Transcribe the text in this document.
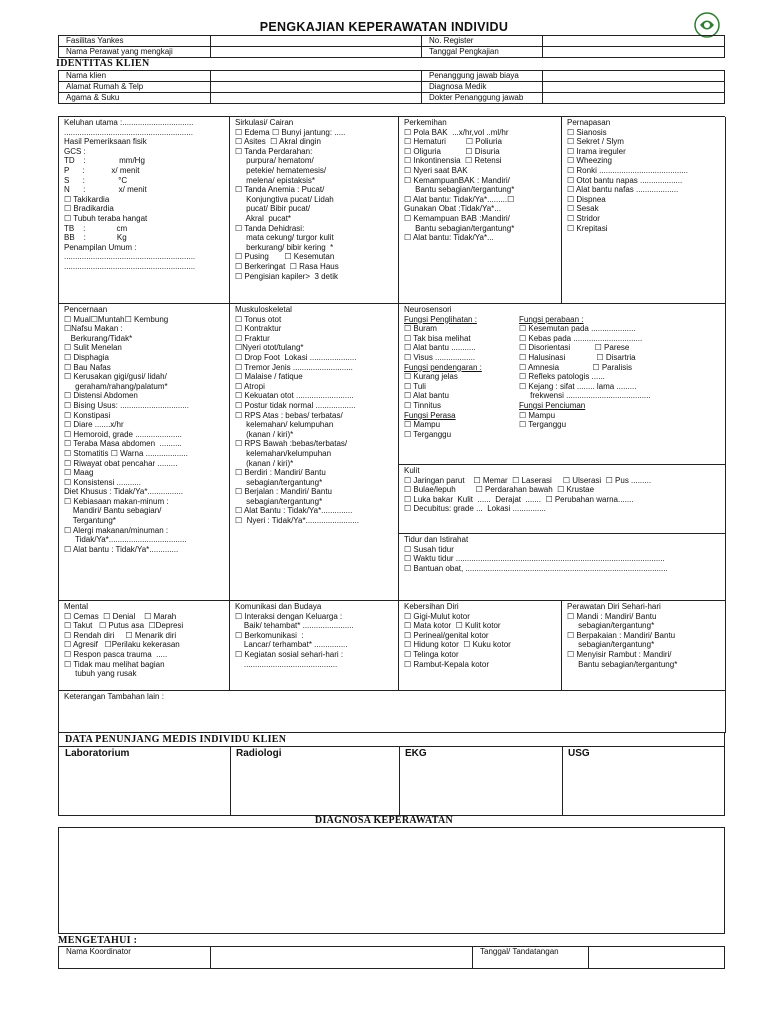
PENGKAJIAN KEPERAWATAN INDIVIDU
Fasilitas Yankes		No. Register	
Nama Perawat yang mengkaji		Tanggal Pengkajian	
IDENTITAS KLIEN
Nama klien		Penanggung jawab biaya	
Alamat Rumah & Telp		Diagnosa Medik	
Agama & Suku		Dokter Penanggung jawab	
Keluhan utama :................................
..........................................................
Hasil Pemeriksaan fisik
GCS :
TD    :               mm/Hg
P      :            x/ menit
S      :               °C
N      :               x/ menit
☐ Takikardia
☐ Bradikardia
☐ Tubuh teraba hangat
TB    :              cm
BB    :              Kg
Penampilan Umum :
...........................................................
...........................................................
Sirkulasi/ Cairan
☐ Edema ☐ Bunyi jantung: .....
☐ Asites  ☐ Akral dingin
☐ Tanda Perdarahan:
purpura/ hematom/
petekie/ hematemesis/
melena/ epistaksis*
☐ Tanda Anemia : Pucat/
Konjungtiva pucat/ Lidah
pucat/ Bibir pucat/
Akral  pucat*
☐ Tanda Dehidrasi:
mata cekung/ turgor kulit
berkurang/ bibir kering  *
☐ Pusing       ☐ Kesemutan
☐ Berkeringat  ☐ Rasa Haus
☐ Pengisian kapiler>  3 detik
Perkemihan
☐ Pola BAK  ...x/hr,vol ..ml/hr
☐ Hematuri         ☐ Poliuria
☐ Oliguria           ☐ Disuria
☐ Inkontinensia  ☐ Retensi
☐ Nyeri saat BAK
☐ KemampuanBAK : Mandiri/
Bantu sebagian/tergantung*
☐ Alat bantu: Tidak/Ya*.........☐
Gunakan Obat :Tidak/Ya*...
☐ Kemampuan BAB :Mandiri/
Bantu sebagian/tergantung*
☐ Alat bantu: Tidak/Ya*...
Pernapasan
☐ Sianosis
☐ Sekret / Slym
☐ Irama ireguler
☐ Wheezing
☐ Ronki ........................................
☐ Otot bantu napas ...................
☐ Alat bantu nafas ...................
☐ Dispnea
☐ Sesak
☐ Stridor
☐ Krepitasi
Pencernaan
☐ Mual☐Muntah☐ Kembung
☐Nafsu Makan :
Berkurang/Tidak*
☐ Sulit Menelan
☐ Disphagia
☐ Bau Nafas
☐ Kerusakan gigi/gusi/ lidah/
geraham/rahang/palatum*
☐ Distensi Abdomen
☐ Bising Usus: ...............................
☐ Konstipasi
☐ Diare .......x/hr
☐ Hemoroid, grade .....................
☐ Teraba Masa abdomen  ..........
☐ Stomatitis ☐ Warna ...................
☐ Riwayat obat pencahar .........
☐ Maag
☐ Konsistensi ...........
Diet Khusus : Tidak/Ya*................
☐ Kebiasaan makan-minum :
Mandiri/ Bantu sebagian/
Tergantung*
☐ Alergi makanan/minuman :
Tidak/Ya*...................................
☐ Alat bantu : Tidak/Ya*.............
Muskuloskeletal
☐ Tonus otot
☐ Kontraktur
☐ Fraktur
☐Nyeri otot/tulang*
☐ Drop Foot  Lokasi .....................
☐ Tremor Jenis ...........................
☐ Malaise / fatique
☐ Atropi
☐ Kekuatan otot ..........................
☐ Postur tidak normal ..................
☐ RPS Atas : bebas/ terbatas/
kelemahan/ kelumpuhan
(kanan / kiri)*
☐ RPS Bawah :bebas/terbatas/
kelemahan/kelumpuhan
(kanan / kiri)*
☐ Berdiri : Mandiri/ Bantu
sebagian/tergantung*
☐ Berjalan : Mandiri/ Bantu
sebagian/tergantung*
☐ Alat Bantu : Tidak/Ya*..............
☐  Nyeri : Tidak/Ya*........................
Neurosensori
Fungsi Penglihatan :	Fungsi perabaan :
☐ Buram	☐ Kesemutan pada ....................
☐ Tak bisa melihat	☐ Kebas pada ...............................
☐ Alat bantu ...........	☐ Disorientasi           ☐ Parese
☐ Visus ..................	☐ Halusinasi              ☐ Disartria
Fungsi pendengaran :	☐ Amnesia               ☐ Paralisis
☐ Kurang jelas	☐ Refleks patologis ......
☐ Tuli	☐ Kejang : sifat ........ lama .........
☐ Alat bantu	frekwensi ......................................
☐ Tinnitus	Fungsi Penciuman
Fungsi Perasa	☐ Mampu
☐ Mampu	☐ Terganggu
☐ Terganggu
Kulit
☐ Jaringan parut    ☐ Memar  ☐ Laserasi     ☐ Ulserasi  ☐ Pus .........
☐ Bulae/lepuh         ☐ Perdarahan bawah  ☐ Krustae
☐ Luka bakar  Kulit  ......  Derajat  .......  ☐ Perubahan warna.......
☐ Decubitus: grade ...  Lokasi ...............
Tidur dan Istirahat
☐ Susah tidur
☐ Waktu tidur ..............................................................................................
☐ Bantuan obat, ...........................................................................................
Mental
☐ Cemas  ☐ Denial    ☐ Marah
☐ Takut   ☐ Putus asa  ☐Depresi
☐ Rendah diri     ☐ Menarik diri
☐ Agresif   ☐Perilaku kekerasan
☐ Respon pasca trauma  .....
☐ Tidak mau melihat bagian
tubuh yang rusak
Komunikasi dan Budaya
☐ Interaksi dengan Keluarga :
Baik/ tehambat* .......................
☐ Berkomunikasi  :
Lancar/ terhambat* ...............
☐ Kegiatan sosial sehari-hari :
..........................................
Kebersihan Diri
☐ Gigi-Mulut kotor
☐ Mata kotor  ☐ Kulit kotor
☐ Perineal/genital kotor
☐ Hidung kotor  ☐ Kuku kotor
☐ Telinga kotor
☐ Rambut-Kepala kotor
Perawatan Diri Sehari-hari
☐ Mandi : Mandiri/ Bantu
sebagian/tergantung*
☐ Berpakaian : Mandiri/ Bantu
sebagian/tergantung*
☐ Menyisir Rambut : Mandiri/
Bantu sebagian/tergantung*
Keterangan Tambahan lain :
DATA PENUNJANG MEDIS INDIVIDU KLIEN
Laboratorium	Radiologi	EKG	USG
DIAGNOSA KEPERAWATAN
MENGETAHUI :
Nama Koordinator		Tanggal/ Tandatangan	
